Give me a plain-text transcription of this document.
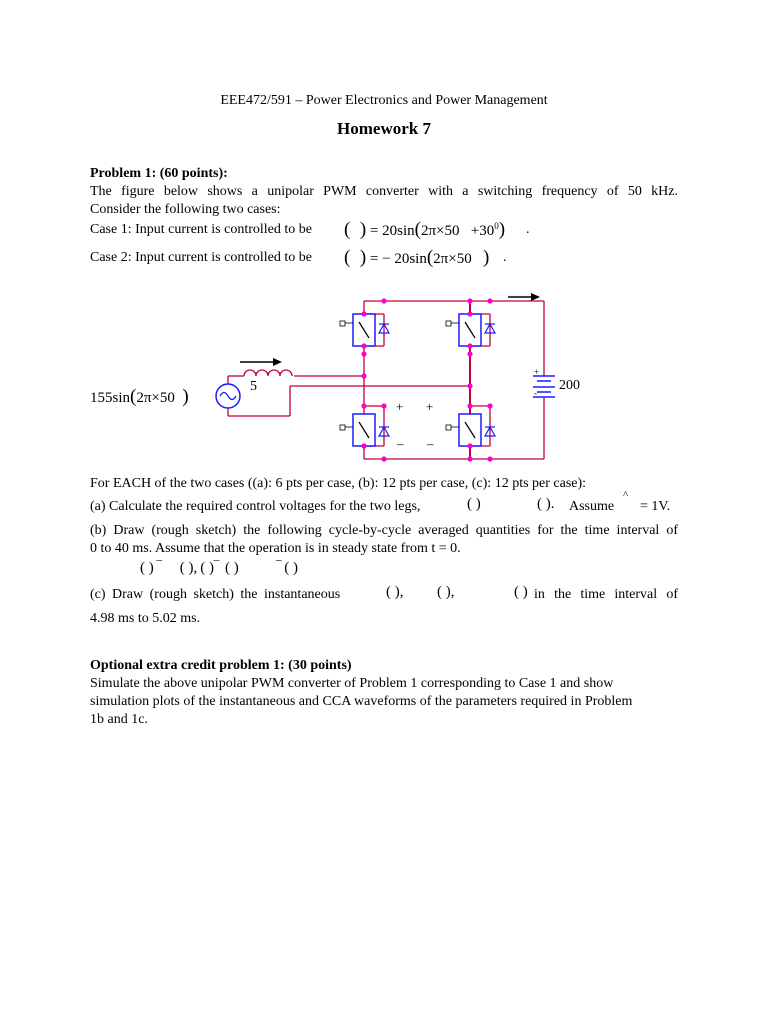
EEE472/591 – Power Electronics and Power Management
Homework 7
Problem 1: (60 points):
The figure below shows a unipolar PWM converter with a switching frequency of 50 kHz.
Consider the following two cases:
Case 1: Input current is controlled to be (  ) = $20\sin(2\pi\times 50 +30^0)$ .
Case 2: Input current is controlled to be (  ) = − 20sin(2π×50 ) .
155sin(2π×50 )	5	200
+
-
+ +
– –
For EACH of the two cases ((a): 6 pts per case, (b): 12 pts per case, (c): 12 pts per case):
(a) Calculate the required control voltages for the two legs,	( )	( ). Assume
^
= 1V.
(b) Draw (rough sketch) the following cycle-by-cycle averaged quantities for the time interval of
0 to 40 ms. Assume that the operation is in steady state from t = 0.
( ) ‾  ( ), ( )‾  ( )   ‾ ( )
(c) Draw (rough sketch) the instantaneous	( ), ( ),	( ) in the time interval of
4.98 ms to 5.02 ms.
Optional extra credit problem 1: (30 points)
Simulate the above unipolar PWM converter of Problem 1 corresponding to Case 1 and show
simulation plots of the instantaneous and CCA waveforms of the parameters required in Problem
1b and 1c.
